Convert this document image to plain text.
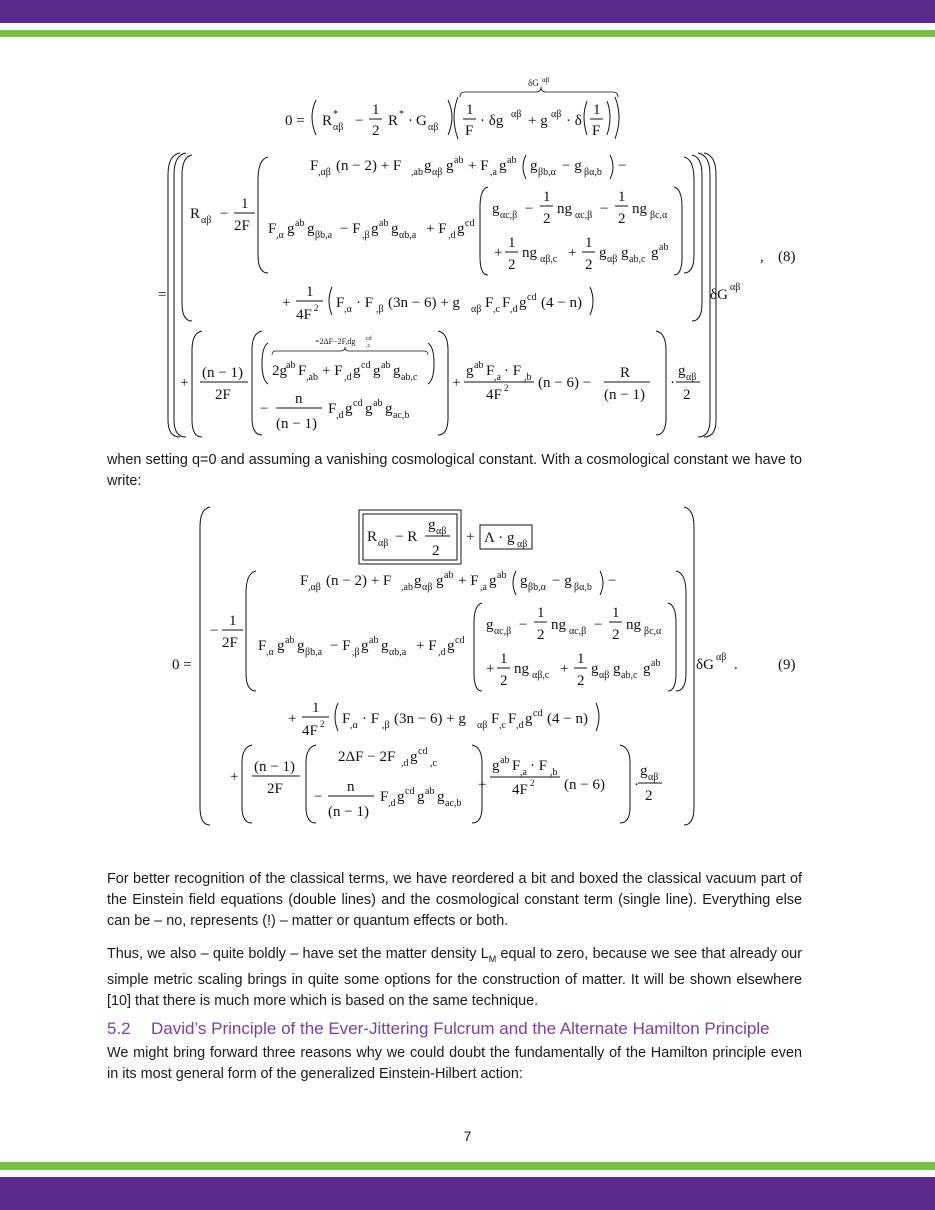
0 = R *
αβ −
1
2
R * · G αβ
δG αβ
1
F
· δg αβ + g αβ · δ
1
F
=
R αβ −
1
2F
F ,αβ (n − 2) + F ,ab g αβ g ab + F ,a g ab g βb,α − g βα,b −
F ,α g ab g βb,a − F ,β g ab g αb,a + F ,d g cd
g αc,β −
1
2
ng αc,β −
1
2
ng βc,α
+
1
2
ng αβ,c +
1
2
g αβ g ab,c g ab
+
1
4F 2 F ,α · F ,β (3n − 6) + g αβ F ,c F ,d g cd (4 − n)	δG αβ
+
(n − 1)
2F
=2ΔF−2F,dg cd
,c
2g ab F ,ab + F ,d g cd g ab g ab,c
−
n
(n − 1)
F ,d g cd g ab g ac,b
+
g ab F ,a · F ,b
4F 2 (n − 6) −
R
(n − 1)
·
g αβ
2
, (8)

when setting q=0 and assuming a vanishing cosmological constant. With a cosmological constant we have to write:

0 =
R αβ − R
g αβ
2
+ Λ · g αβ
−
1
2F
F ,αβ (n − 2) + F ,ab g αβ g ab + F ,a g ab g βb,α − g βα,b −
F ,α g ab g βb,a − F ,β g ab g αb,a + F ,d g cd
g αc,β −
1
2
ng αc,β −
1
2
ng βc,α
+
1
2
ng αβ,c +
1
2
g αβ g ab,c g ab
+
1
4F 2 F ,α · F ,β (3n − 6) + g αβ F ,c F ,d g cd (4 − n)
+
(n − 1)
2F
2ΔF − 2F ,d g cd
,c
−
n
(n − 1)
F ,d g cd g ab g ac,b
+
g ab F ,a · F ,b
4F 2 (n − 6) ·
g αβ
2
δG αβ .	(9)

For better recognition of the classical terms, we have reordered a bit and boxed the classical vacuum part of the Einstein field equations (double lines) and the cosmological constant term (single line). Everything else can be – no, represents (!) – matter or quantum effects or both.

Thus, we also – quite boldly – have set the matter density $L_M$ equal to zero, because we see that already our simple metric scaling brings in quite some options for the construction of matter. It will be shown elsewhere [10] that there is much more which is based on the same technique.

5.2 David’s Principle of the Ever-Jittering Fulcrum and the Alternate Hamilton Principle

We might bring forward three reasons why we could doubt the fundamentally of the Hamilton principle even in its most general form of the generalized Einstein-Hilbert action:

7
